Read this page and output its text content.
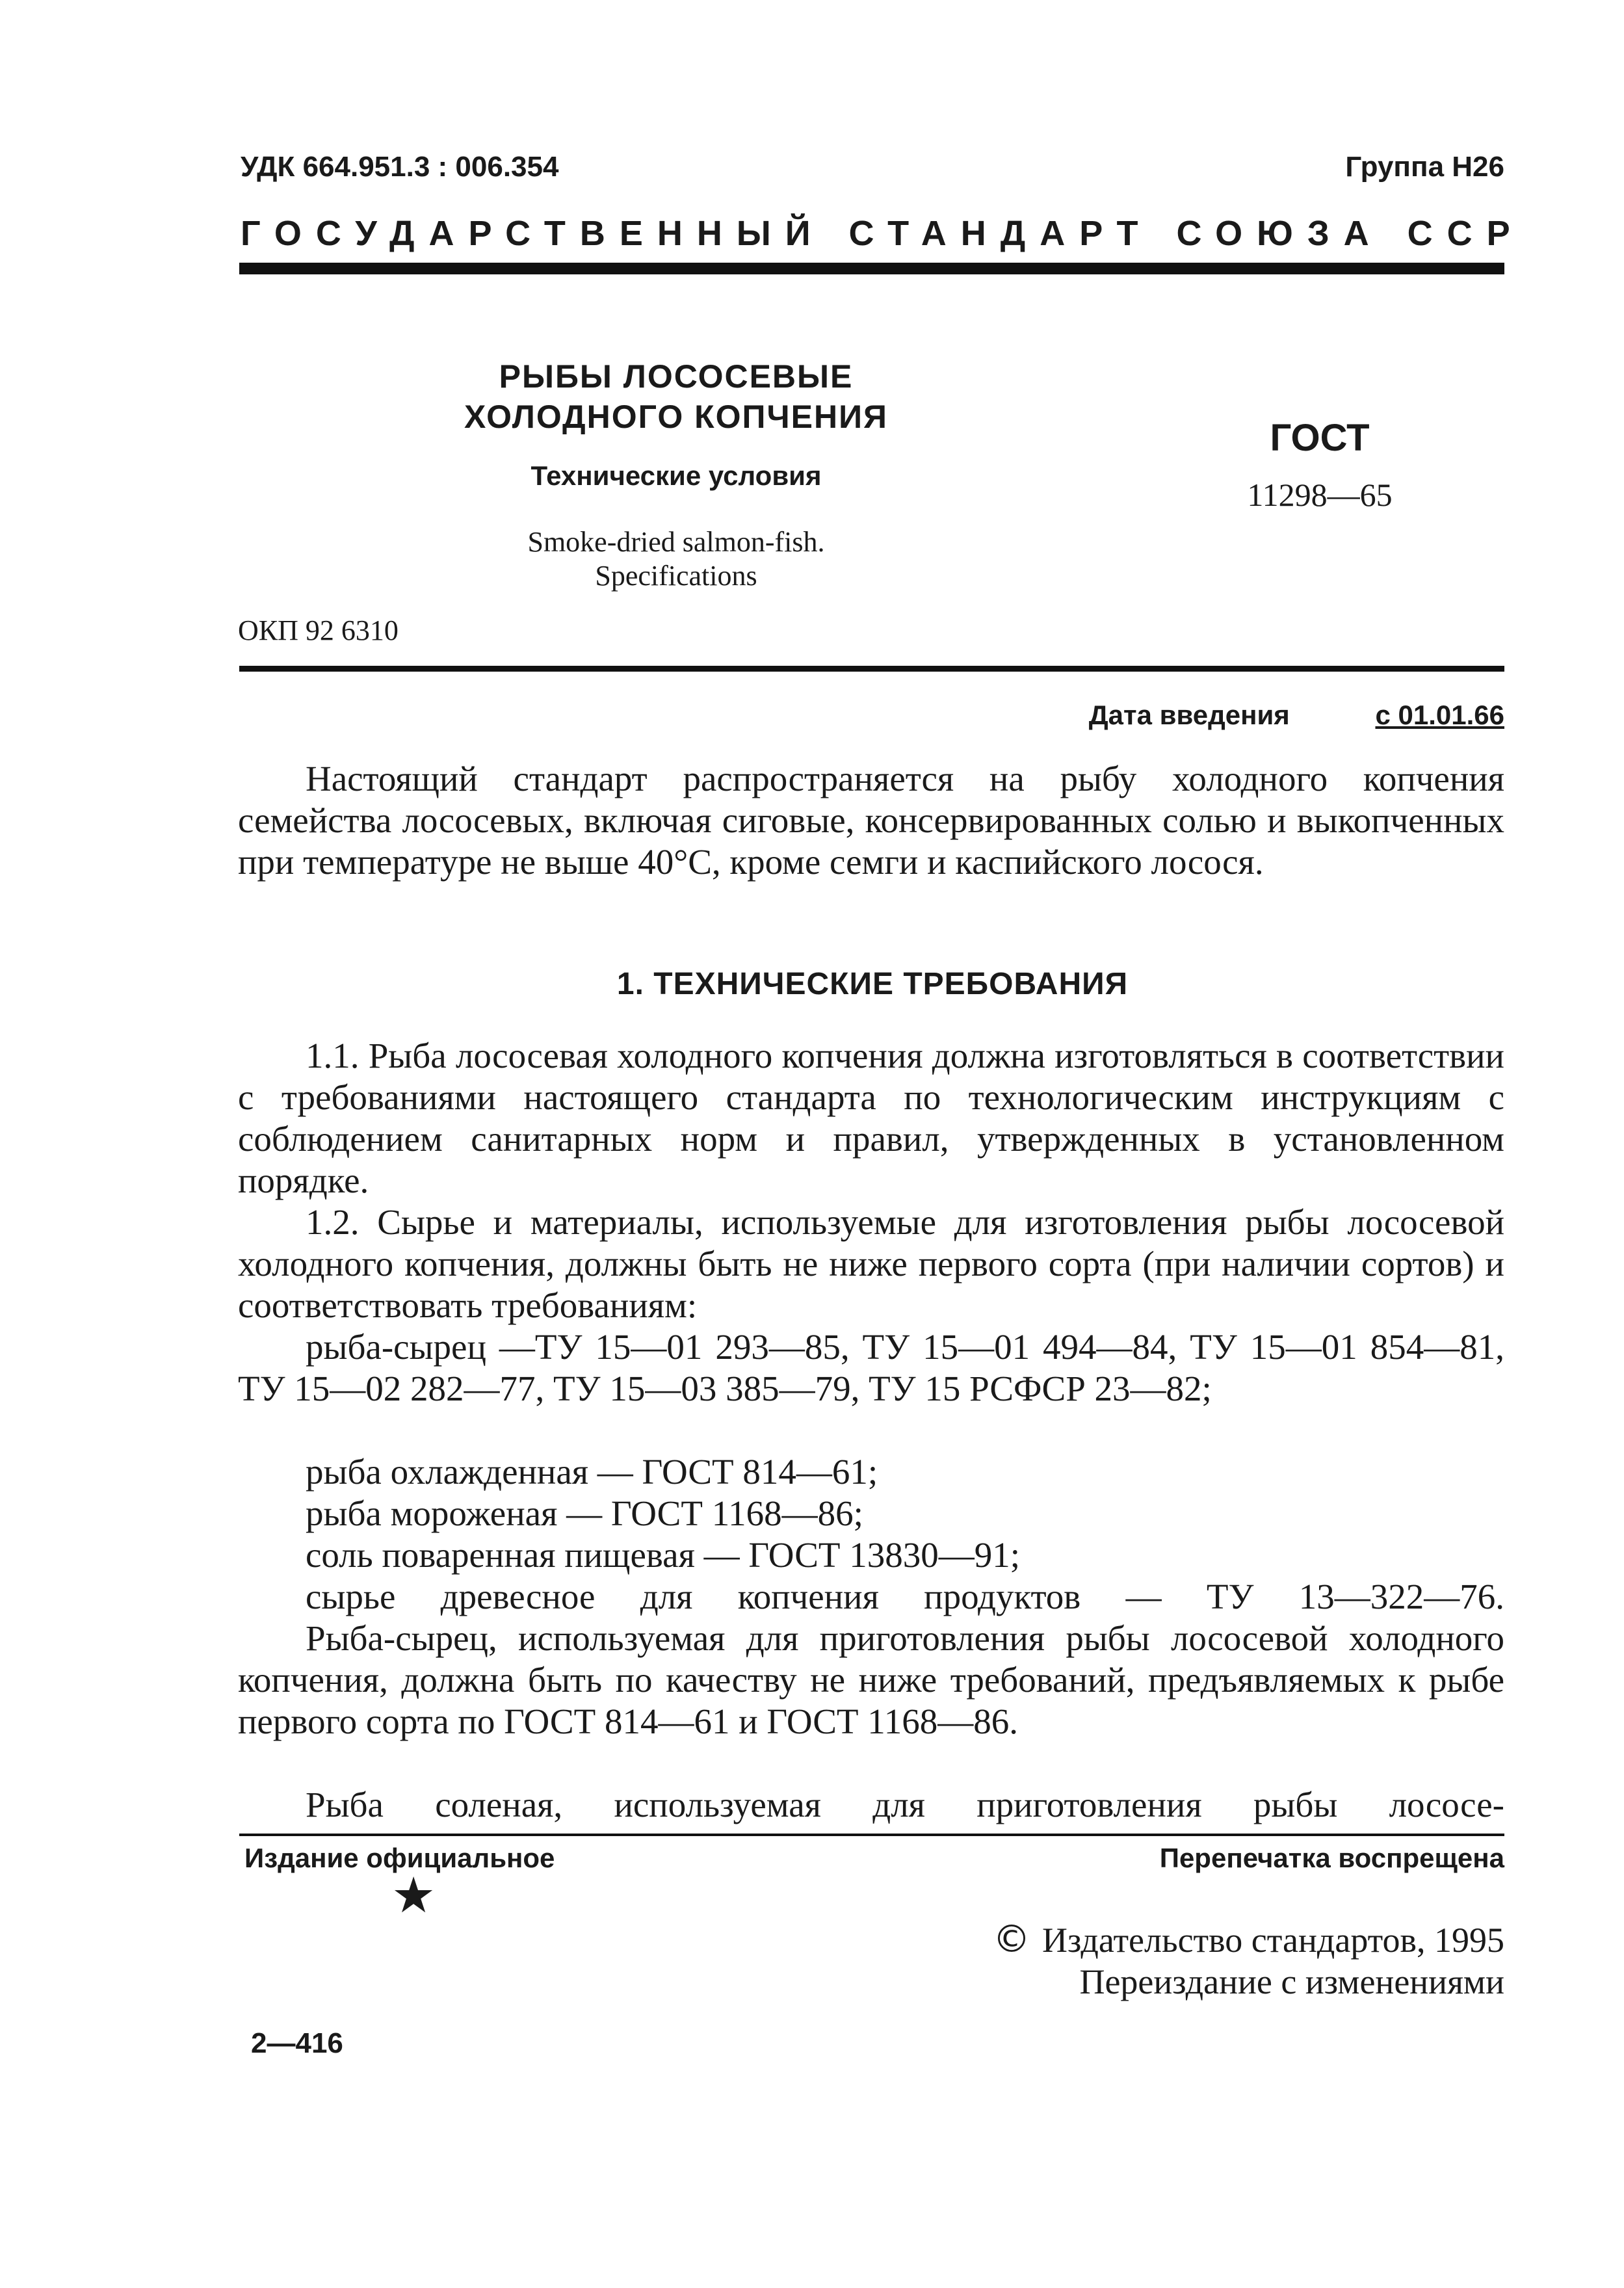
УДК 664.951.3 : 006.354	Группа Н26
ГОСУДАРСТВЕННЫЙ СТАНДАРТ СОЮЗА ССР
РЫБЫ ЛОСОСЕВЫЕ
ХОЛОДНОГО КОПЧЕНИЯ
Технические условия
Smoke-dried salmon-fish.
Specifications
ГОСТ
11298—65
ОКП 92 6310
Дата введения	с 01.01.66
Настоящий стандарт распространяется на рыбу холодного копчения семейства лососевых, включая сиговые, консервированных солью и выкопченных при температуре не выше 40°С, кроме семги и каспийского лосося.
1. ТЕХНИЧЕСКИЕ ТРЕБОВАНИЯ
1.1. Рыба лососевая холодного копчения должна изготовляться в соответствии с требованиями настоящего стандарта по технологическим инструкциям с соблюдением санитарных норм и правил, утвержденных в установленном порядке.
1.2. Сырье и материалы, используемые для изготовления рыбы лососевой холодного копчения, должны быть не ниже первого сорта (при наличии сортов) и соответствовать требованиям:
рыба-сырец —ТУ 15—01 293—85, ТУ 15—01 494—84, ТУ 15—01 854—81, ТУ 15—02 282—77, ТУ 15—03 385—79, ТУ 15 РСФСР 23—82;
рыба охлажденная — ГОСТ 814—61;
рыба мороженая — ГОСТ 1168—86;
соль поваренная пищевая — ГОСТ 13830—91;
сырье древесное для копчения продуктов — ТУ 13—322—76.
Рыба-сырец, используемая для приготовления рыбы лососевой холодного копчения, должна быть по качеству не ниже требований, предъявляемых к рыбе первого сорта по ГОСТ 814—61 и ГОСТ 1168—86.
Рыба соленая, используемая для приготовления рыбы лососе-
Издание официальное	Перепечатка воспрещена
★
© Издательство стандартов, 1995
Переиздание с изменениями
2—416
